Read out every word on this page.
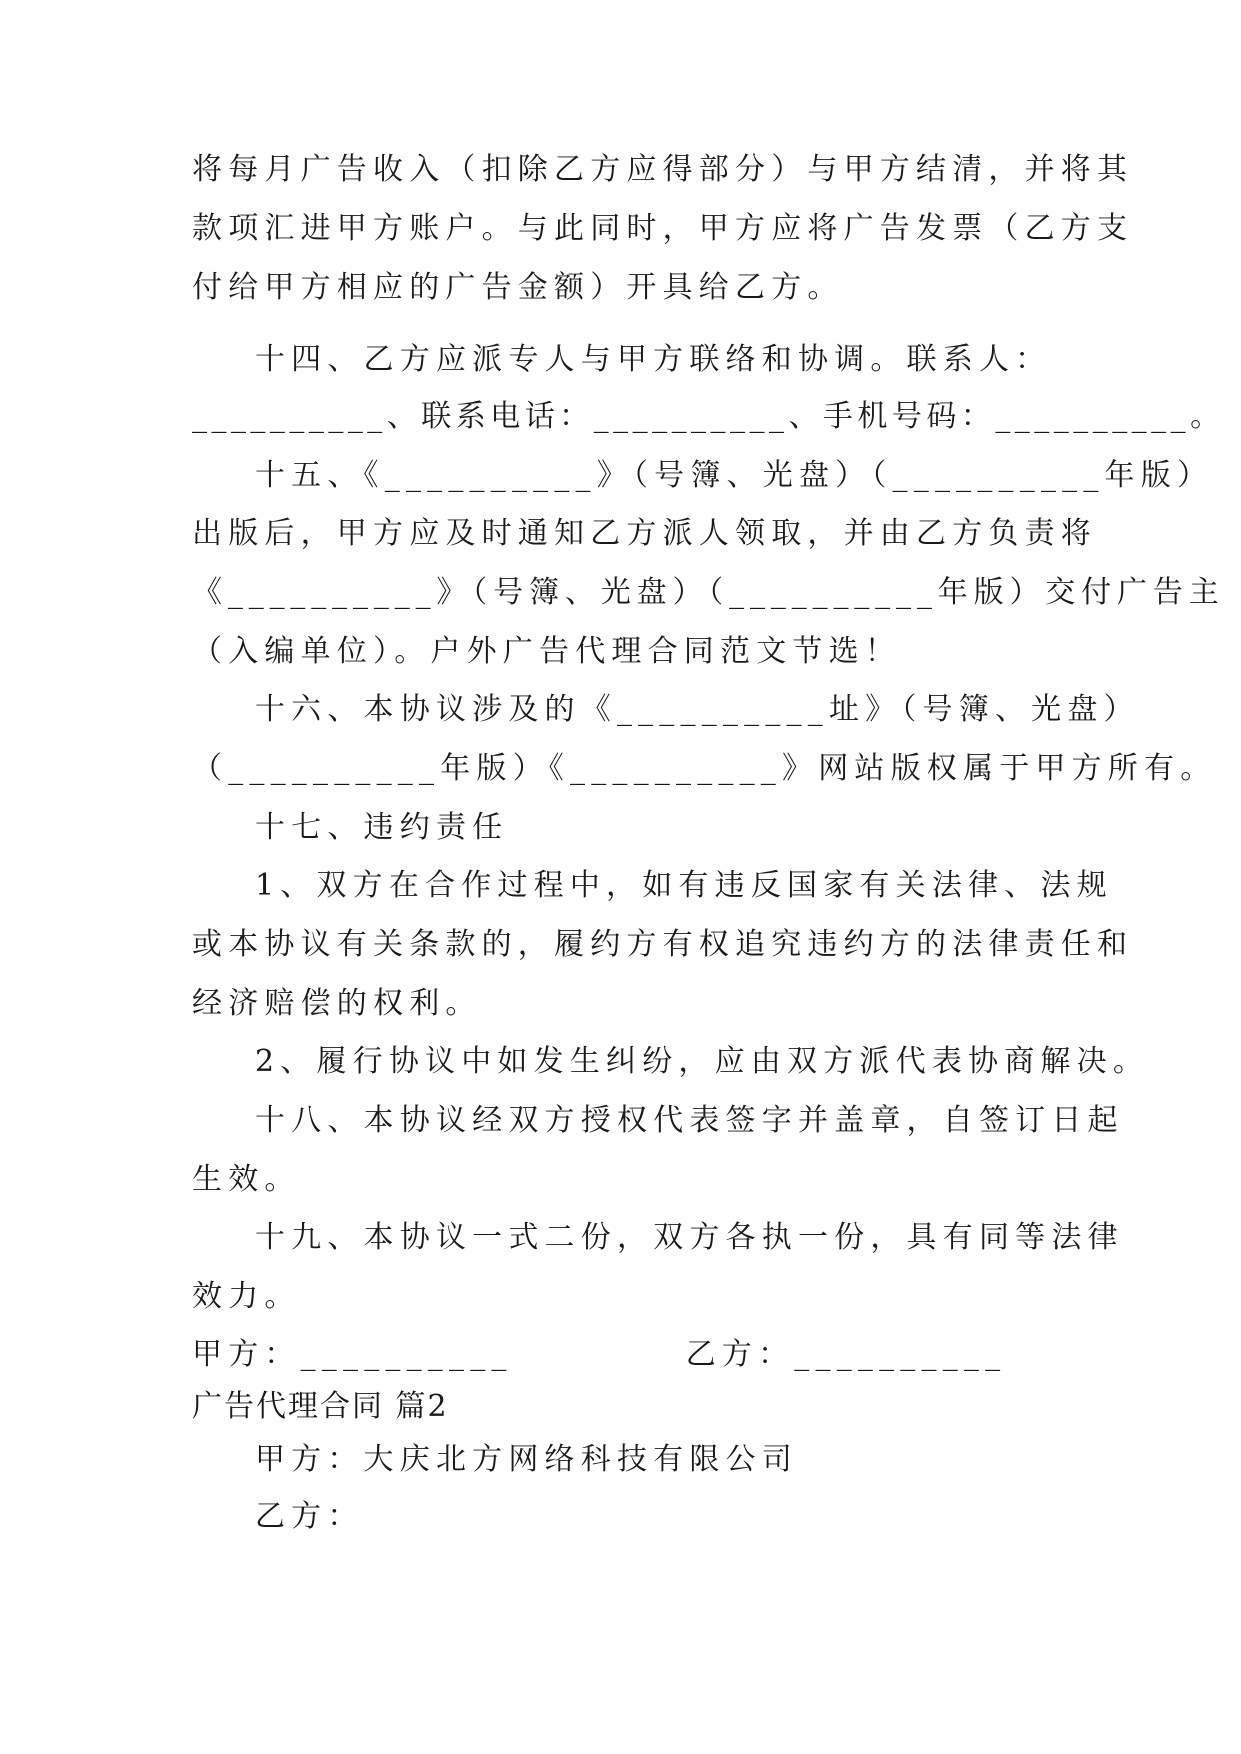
将每月广告收入（扣除乙方应得部分）与甲方结清，并将其
款项汇进甲方账户。与此同时，甲方应将广告发票（乙方支
付给甲方相应的广告金额）开具给乙方。
十四、乙方应派专人与甲方联络和协调。联系人：
__________、联系电话：__________、手机号码：__________。
十五、《__________》（号簿、光盘）（__________年版）
出版后，甲方应及时通知乙方派人领取，并由乙方负责将
《__________》（号簿、光盘）（__________年版）交付广告主
（入编单位）。户外广告代理合同范文节选！
十六、本协议涉及的《__________址》（号簿、光盘）
（__________年版）《__________》网站版权属于甲方所有。
十七、违约责任
1、双方在合作过程中，如有违反国家有关法律、法规
或本协议有关条款的，履约方有权追究违约方的法律责任和
经济赔偿的权利。
2、履行协议中如发生纠纷，应由双方派代表协商解决。
十八、本协议经双方授权代表签字并盖章，自签订日起
生效。
十九、本协议一式二份，双方各执一份，具有同等法律
效力。
甲方：__________           乙方：__________
广告代理合同 篇2
甲方：大庆北方网络科技有限公司
乙方：
